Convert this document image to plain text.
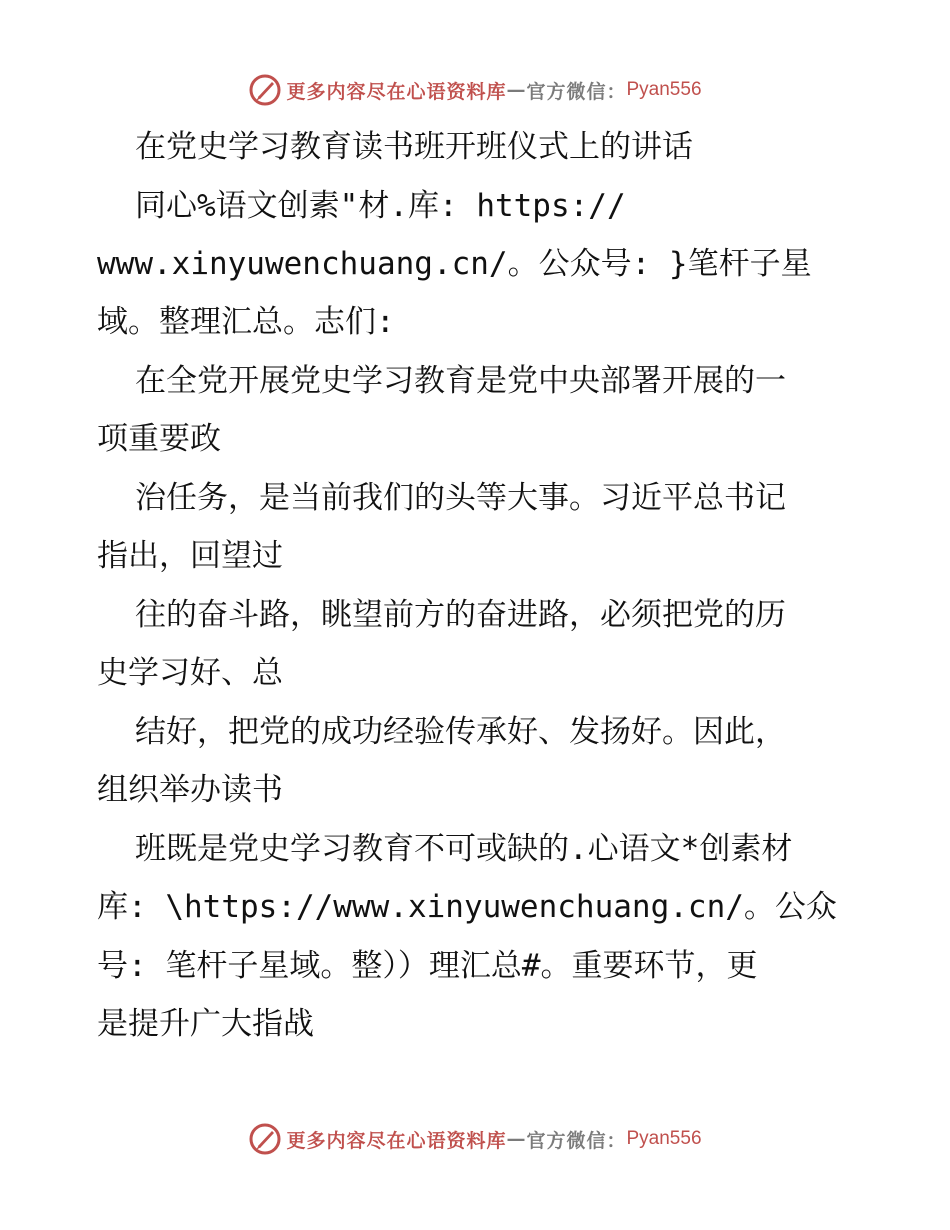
更多内容尽在心语资料库 — 官方微信： Pyan556
在党史学习教育读书班开班仪式上的讲话
同心%语文创素"材.库: https://
www.xinyuwenchuang.cn/。公众号: }笔杆子星
域。整理汇总。志们:
在全党开展党史学习教育是党中央部署开展的一
项重要政
治任务，是当前我们的头等大事。习近平总书记
指出，回望过
往的奋斗路，眺望前方的奋进路，必须把党的历
史学习好、总
结好，把党的成功经验传承好、发扬好。因此，
组织举办读书
班既是党史学习教育不可或缺的.心语文*创素材
库: \https://www.xinyuwenchuang.cn/。公众
号: 笔杆子星域。整））理汇总#。重要环节，更
是提升广大指战
更多内容尽在心语资料库 — 官方微信： Pyan556
